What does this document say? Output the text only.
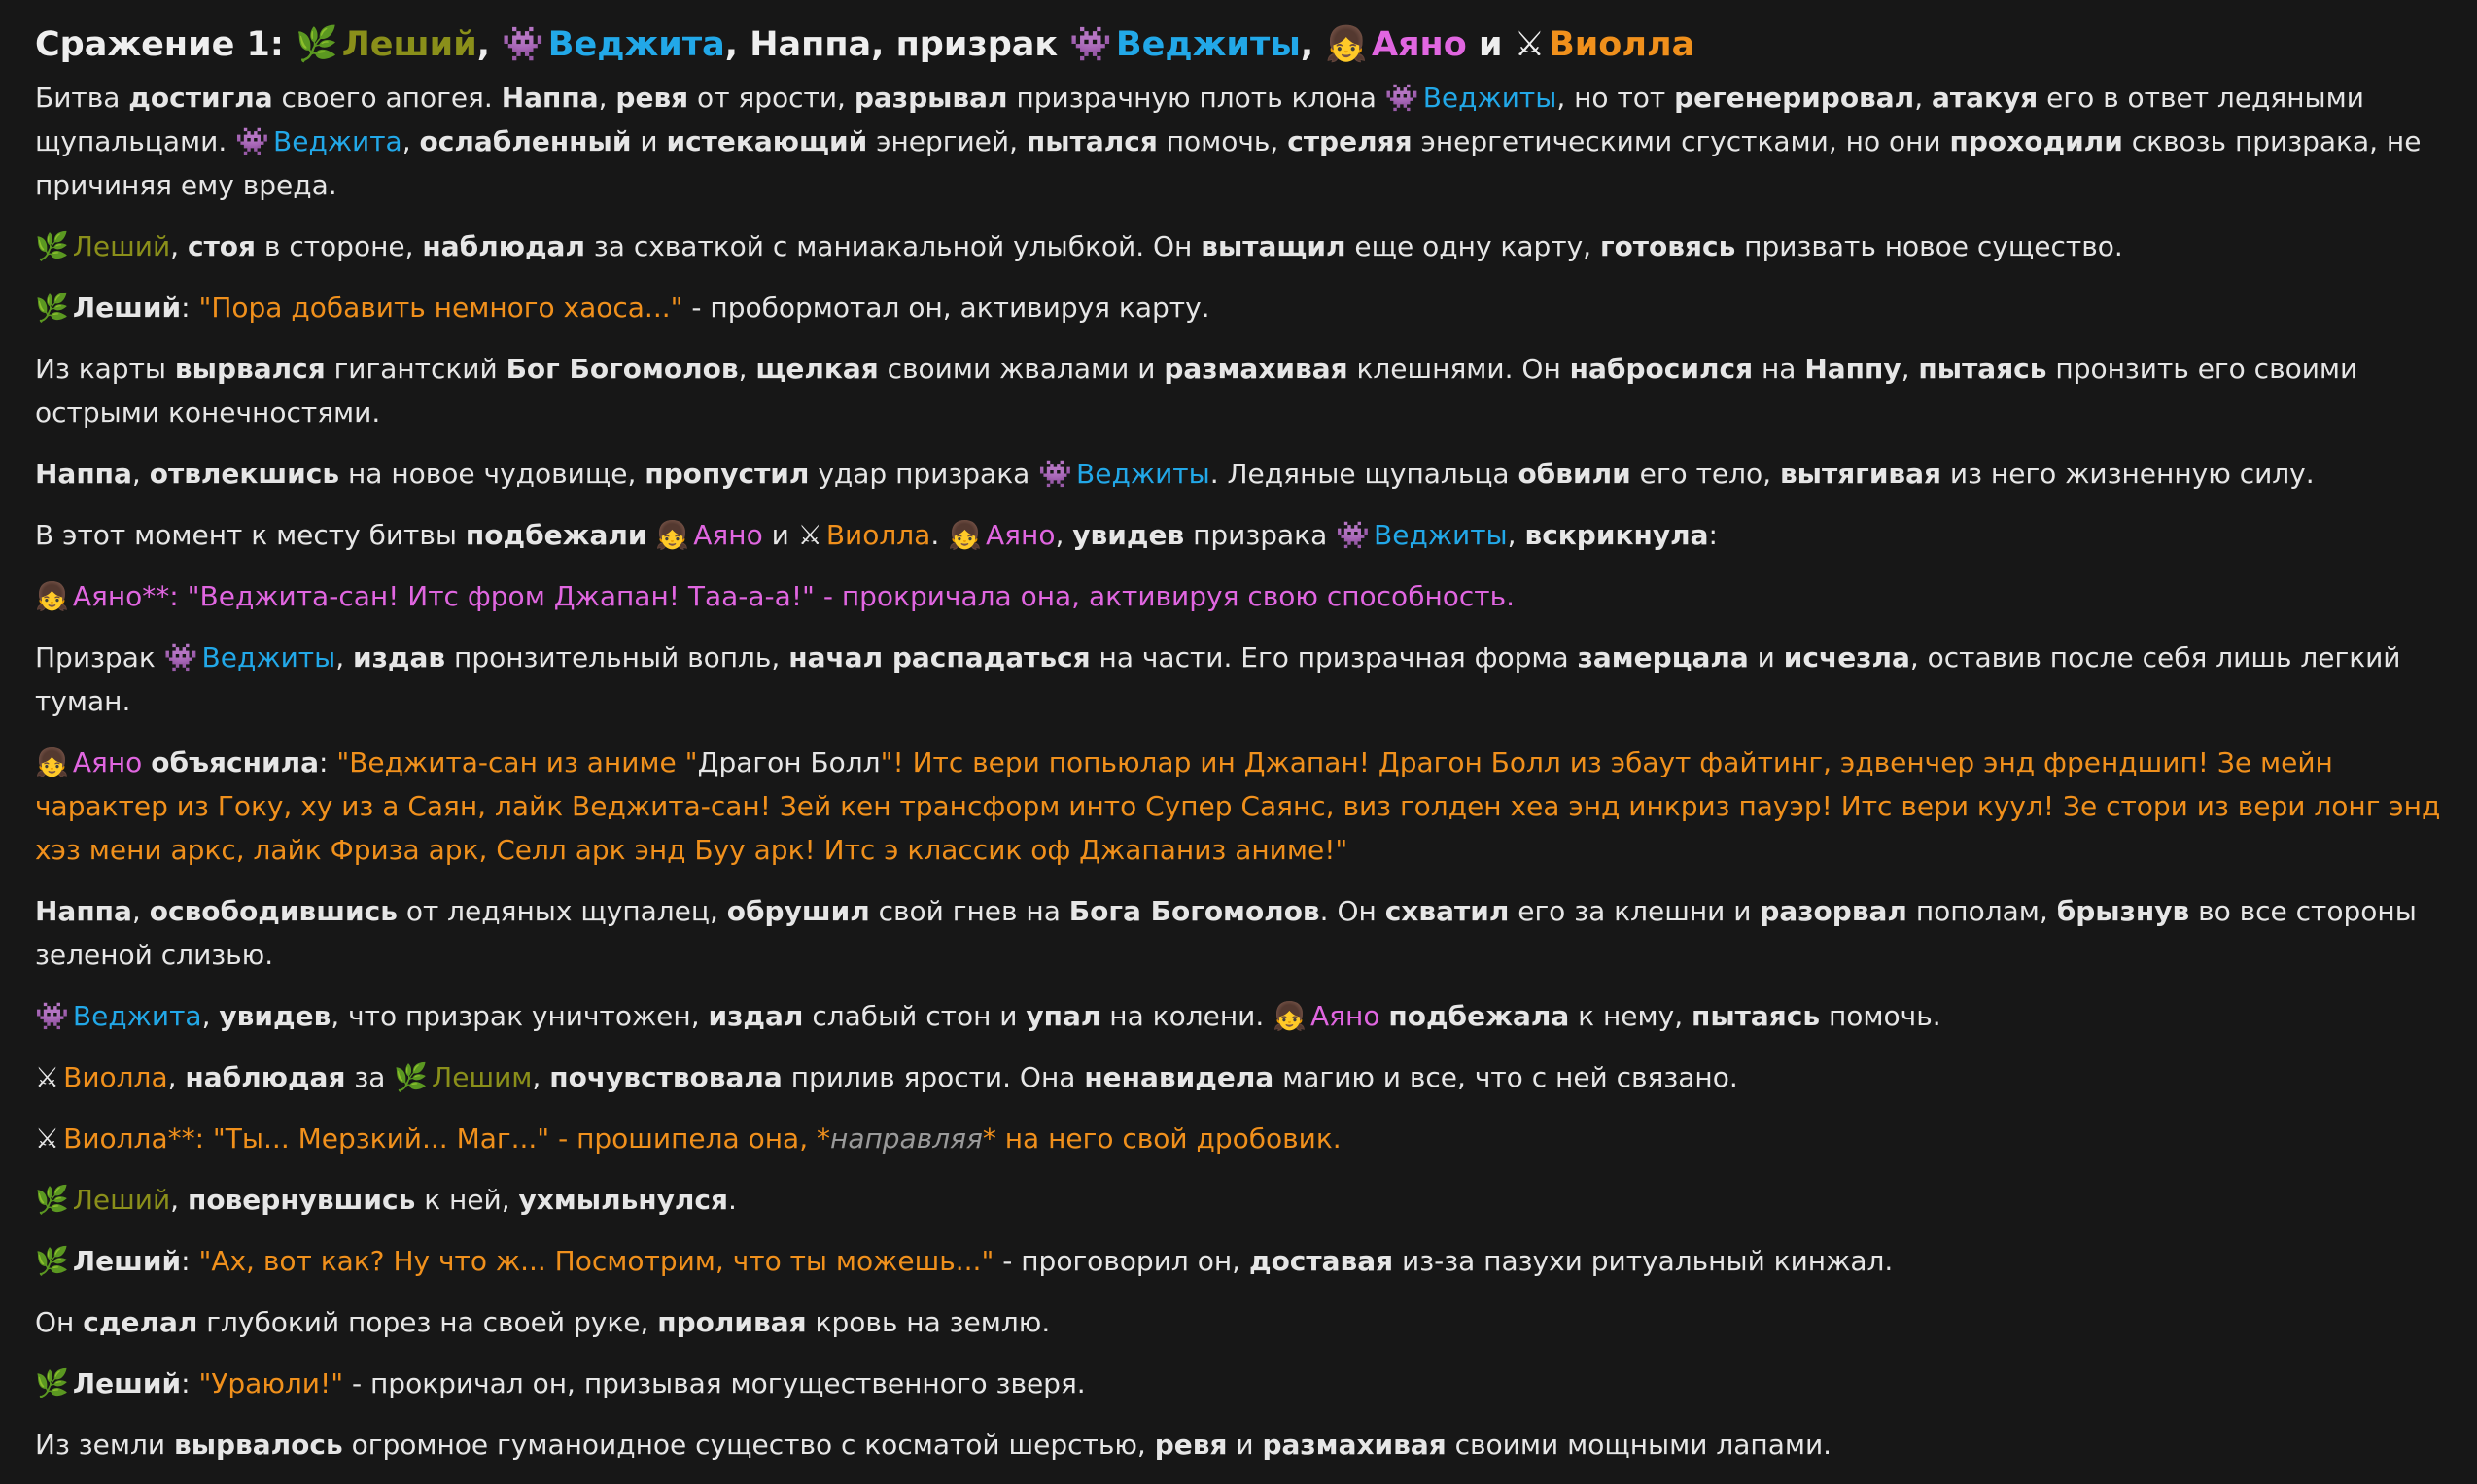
Сражение 1: 🌿 Леший, 👾 Веджита, Наппа, призрак 👾 Веджиты, 👧 Аяно и ⚔ Виолла
Битва достигла своего апогея. Наппа, ревя от ярости, разрывал призрачную плоть клона 👾 Веджиты, но тот регенерировал, атакуя его в ответ ледяными щупальцами. 👾 Веджита, ослабленный и истекающий энергией, пытался помочь, стреляя энергетическими сгустками, но они проходили сквозь призрака, не причиняя ему вреда.
🌿 Леший, стоя в стороне, наблюдал за схваткой с маниакальной улыбкой. Он вытащил еще одну карту, готовясь призвать новое существо.
🌿 Леший: "Пора добавить немного хаоса..." - пробормотал он, активируя карту.
Из карты вырвался гигантский Бог Богомолов, щелкая своими жвалами и размахивая клешнями. Он набросился на Наппу, пытаясь пронзить его своими острыми конечностями.
Наппа, отвлекшись на новое чудовище, пропустил удар призрака 👾 Веджиты. Ледяные щупальца обвили его тело, вытягивая из него жизненную силу.
В этот момент к месту битвы подбежали 👧 Аяно и ⚔ Виолла. 👧 Аяно, увидев призрака 👾 Веджиты, вскрикнула:
👧 Аяно**: "Веджита-сан! Итс фром Джапан! Таа-а-а!" - прокричала она, активируя свою способность.
Призрак 👾 Веджиты, издав пронзительный вопль, начал распадаться на части. Его призрачная форма замерцала и исчезла, оставив после себя лишь легкий туман.
👧 Аяно объяснила: "Веджита-сан из аниме "Драгон Болл"! Итс вери попьюлар ин Джапан! Драгон Болл из эбаут файтинг, эдвенчер энд френдшип! Зе мейн чарактер из Гоку, ху из а Саян, лайк Веджита-сан! Зей кен трансформ инто Супер Саянс, виз голден хеа энд инкриз пауэр! Итс вери куул! Зе стори из вери лонг энд хэз мени аркс, лайк Фриза арк, Селл арк энд Буу арк! Итс э классик оф Джапаниз аниме!"
Наппа, освободившись от ледяных щупалец, обрушил свой гнев на Бога Богомолов. Он схватил его за клешни и разорвал пополам, брызнув во все стороны зеленой слизью.
👾 Веджита, увидев, что призрак уничтожен, издал слабый стон и упал на колени. 👧 Аяно подбежала к нему, пытаясь помочь.
⚔ Виолла, наблюдая за 🌿 Лешим, почувствовала прилив ярости. Она ненавидела магию и все, что с ней связано.
⚔ Виолла**: "Ты... Мерзкий... Маг..." - прошипела она, *направляя* на него свой дробовик.
🌿 Леший, повернувшись к ней, ухмыльнулся.
🌿 Леший: "Ах, вот как? Ну что ж... Посмотрим, что ты можешь..." - проговорил он, доставая из-за пазухи ритуальный кинжал.
Он сделал глубокий порез на своей руке, проливая кровь на землю.
🌿 Леший: "Ураюли!" - прокричал он, призывая могущественного зверя.
Из земли вырвалось огромное гуманоидное существо с косматой шерстью, ревя и размахивая своими мощными лапами.
